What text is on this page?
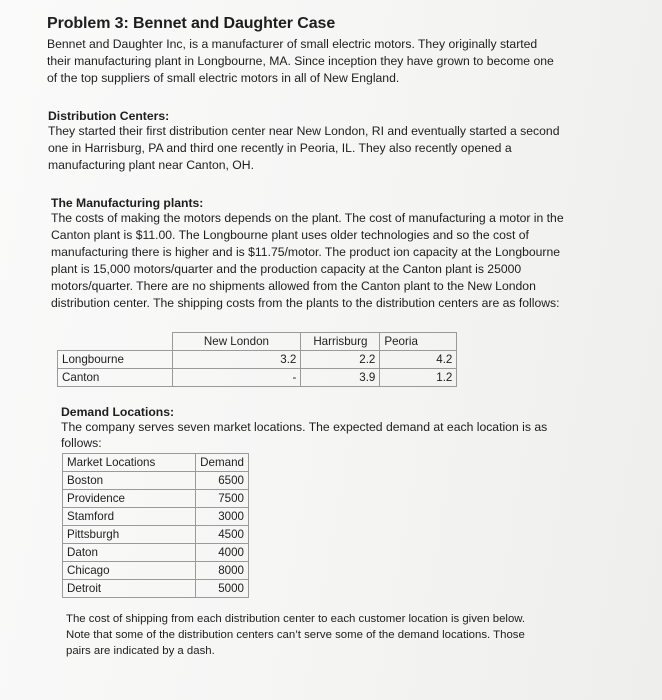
Problem 3: Bennet and Daughter Case

Bennet and Daughter Inc, is a manufacturer of small electric motors. They originally started

their manufacturing plant in Longbourne, MA. Since inception they have grown to become one

of the top suppliers of small electric motors in all of New England.

Distribution Centers:

They started their first distribution center near New London, RI and eventually started a second

one in Harrisburg, PA and third one recently in Peoria, IL. They also recently opened a

manufacturing plant near Canton, OH.

The Manufacturing plants:

The costs of making the motors depends on the plant. The cost of manufacturing a motor in the

Canton plant is $11.00. The Longbourne plant uses older technologies and so the cost of

manufacturing there is higher and is $11.75/motor. The product ion capacity at the Longbourne

plant is 15,000 motors/quarter and the production capacity at the Canton plant is 25000

motors/quarter. There are no shipments allowed from the Canton plant to the New London

distribution center. The shipping costs from the plants to the distribution centers are as follows:

	New London	Harrisburg	Peoria
Longbourne	3.2	2.2	4.2
Canton	-	3.9	1.2

Demand Locations:

The company serves seven market locations. The expected demand at each location is as

follows:

Market Locations	Demand
Boston	6500
Providence	7500
Stamford	3000
Pittsburgh	4500
Daton	4000
Chicago	8000
Detroit	5000

The cost of shipping from each distribution center to each customer location is given below.

Note that some of the distribution centers can’t serve some of the demand locations. Those

pairs are indicated by a dash.
